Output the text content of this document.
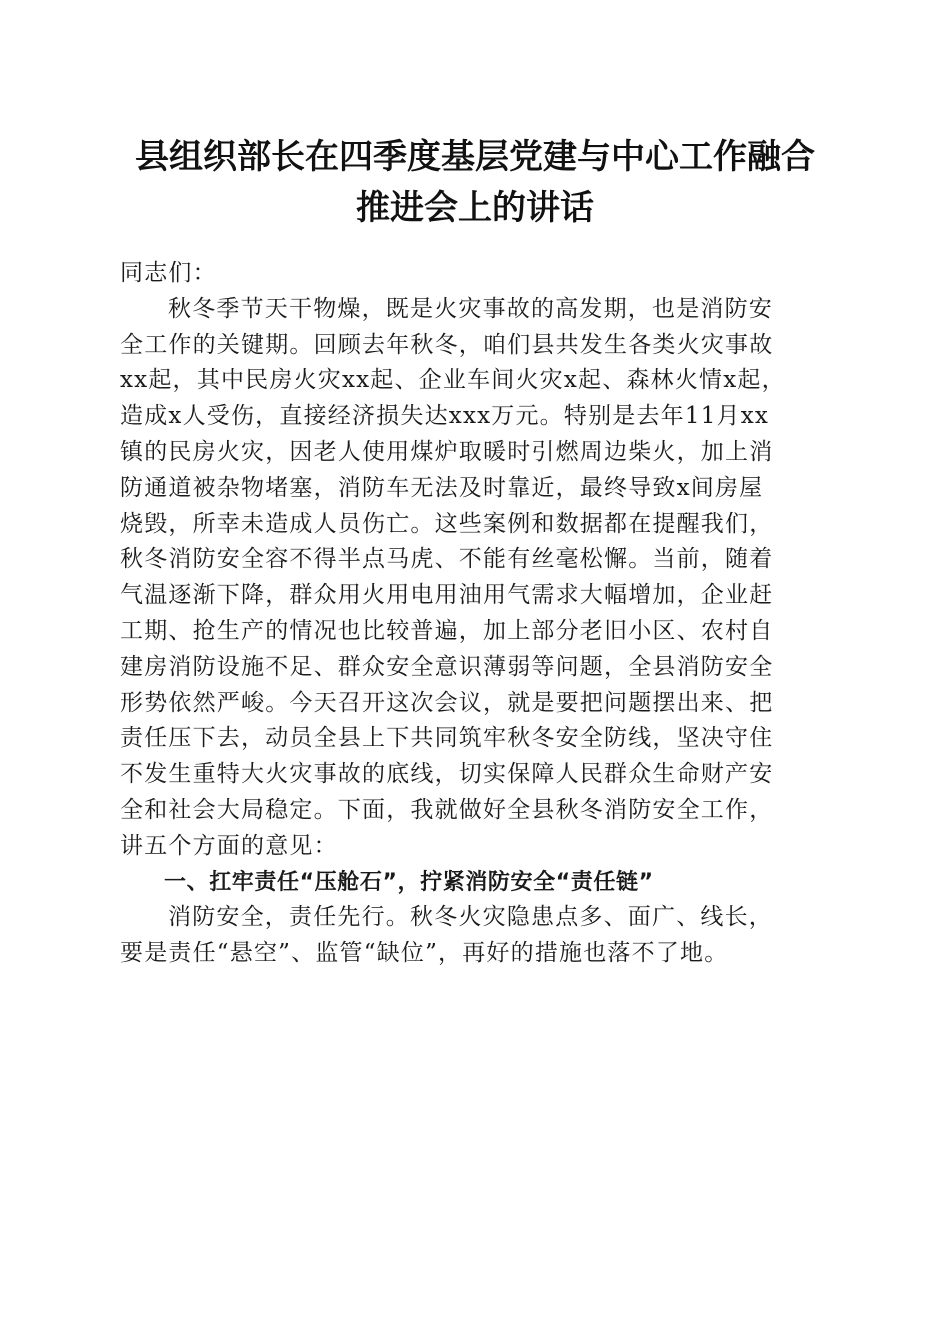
县组织部长在四季度基层党建与中心工作融合
推进会上的讲话
同志们：
秋冬季节天干物燥，既是火灾事故的高发期，也是消防安
全工作的关键期。回顾去年秋冬，咱们县共发生各类火灾事故
xx起，其中民房火灾xx起、企业车间火灾x起、森林火情x起，
造成x人受伤，直接经济损失达xxx万元。特别是去年11月xx
镇的民房火灾，因老人使用煤炉取暖时引燃周边柴火，加上消
防通道被杂物堵塞，消防车无法及时靠近，最终导致x间房屋
烧毁，所幸未造成人员伤亡。这些案例和数据都在提醒我们，
秋冬消防安全容不得半点马虎、不能有丝毫松懈。当前，随着
气温逐渐下降，群众用火用电用油用气需求大幅增加，企业赶
工期、抢生产的情况也比较普遍，加上部分老旧小区、农村自
建房消防设施不足、群众安全意识薄弱等问题，全县消防安全
形势依然严峻。今天召开这次会议，就是要把问题摆出来、把
责任压下去，动员全县上下共同筑牢秋冬安全防线，坚决守住
不发生重特大火灾事故的底线，切实保障人民群众生命财产安
全和社会大局稳定。下面，我就做好全县秋冬消防安全工作，
讲五个方面的意见：
一、扛牢责任“压舱石”，拧紧消防安全“责任链”
消防安全，责任先行。秋冬火灾隐患点多、面广、线长，
要是责任“悬空”、监管“缺位”，再好的措施也落不了地。
